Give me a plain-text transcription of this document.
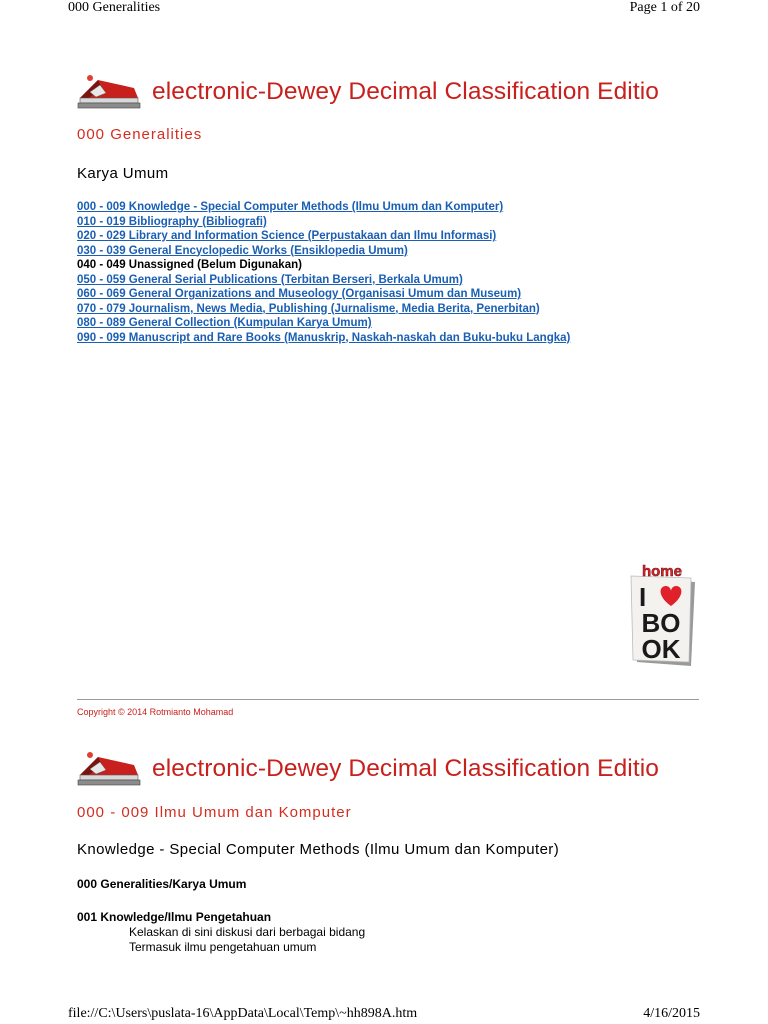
000 Generalities	Page 1 of 20
electronic-Dewey Decimal Classification Editio
000 Generalities
Karya Umum
000 - 009 Knowledge - Special Computer Methods (Ilmu Umum dan Komputer)
010 - 019 Bibliography (Bibliografi)
020 - 029 Library and Information Science (Perpustakaan dan Ilmu Informasi)
030 - 039 General Encyclopedic Works (Ensiklopedia Umum)
040 - 049 Unassigned (Belum Digunakan)
050 - 059 General Serial Publications (Terbitan Berseri, Berkala Umum)
060 - 069 General Organizations and Museology (Organisasi Umum dan Museum)
070 - 079 Journalism, News Media, Publishing (Jurnalisme, Media Berita, Penerbitan)
080 - 089 General Collection (Kumpulan Karya Umum)
090 - 099 Manuscript and Rare Books (Manuskrip, Naskah-naskah dan Buku-buku Langka)
home
I
BO
OK
Copyright © 2014 Rotmianto Mohamad
electronic-Dewey Decimal Classification Editio
000 - 009 Ilmu Umum dan Komputer
Knowledge - Special Computer Methods (Ilmu Umum dan Komputer)
000 Generalities/Karya Umum
001 Knowledge/Ilmu Pengetahuan
Kelaskan di sini diskusi dari berbagai bidang
Termasuk ilmu pengetahuan umum
file://C:\Users\puslata-16\AppData\Local\Temp\~hh898A.htm	4/16/2015
